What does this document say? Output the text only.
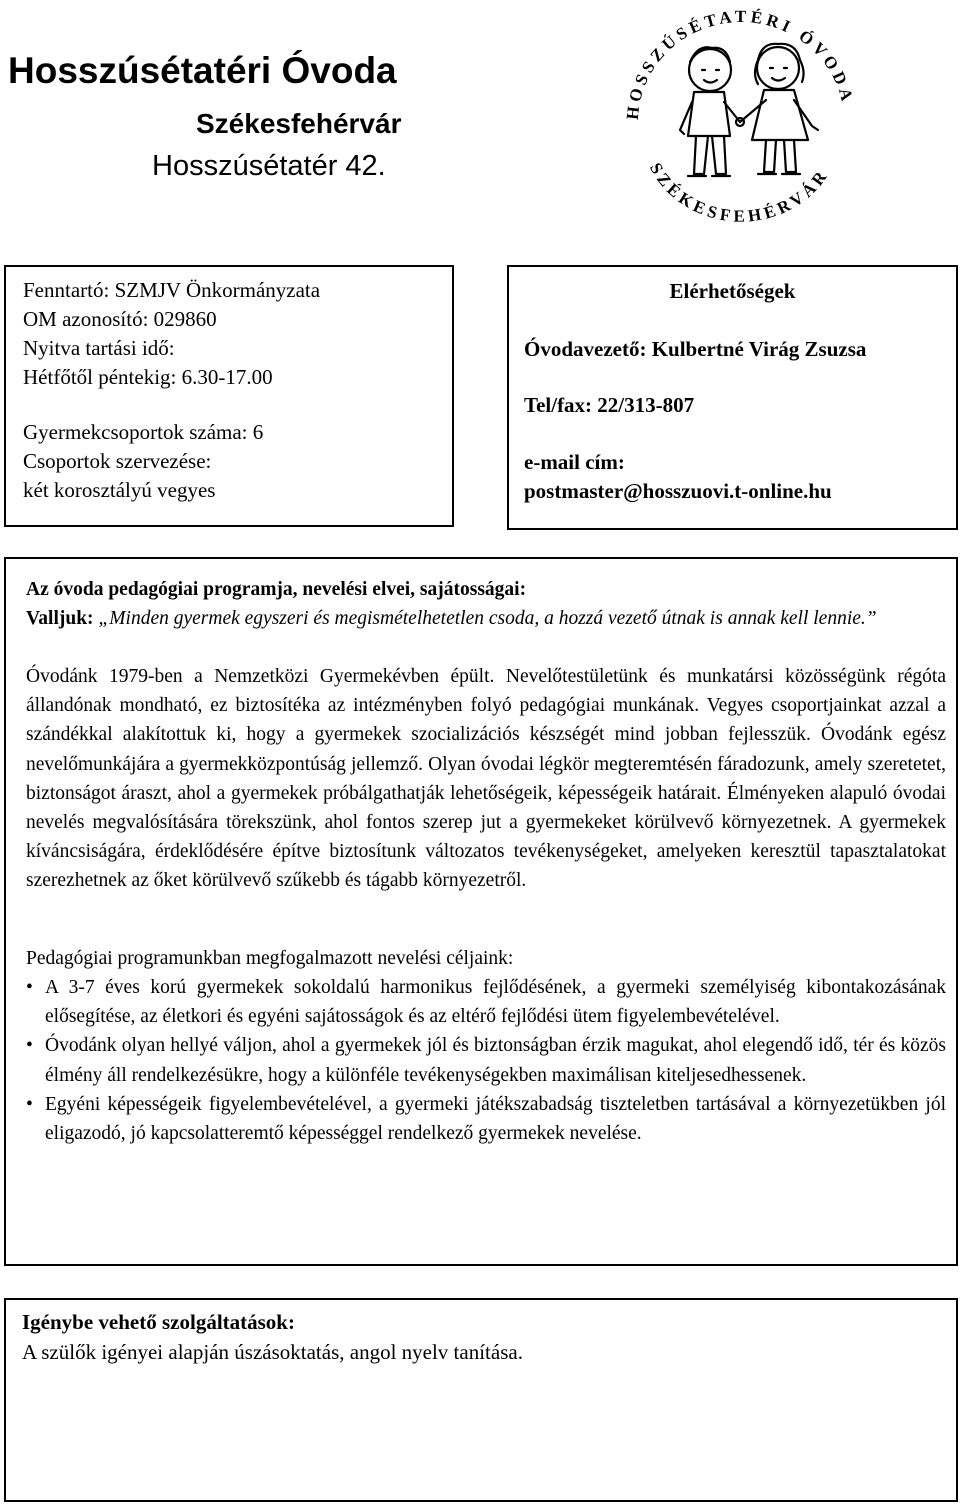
Hosszúsétatéri Óvoda
Székesfehérvár
Hosszúsétatér 42.
HOSSZÚSÉTATÉRI ÓVODA
SZÉKESFEHÉRVÁR
Fenntartó: SZMJV Önkormányzata
OM azonosító: 029860
Nyitva tartási idő:
Hétfőtől péntekig: 6.30-17.00
Gyermekcsoportok száma: 6
Csoportok szervezése:
két korosztályú vegyes
Elérhetőségek
Óvodavezető: Kulbertné Virág Zsuzsa
Tel/fax: 22/313-807
e-mail cím:
postmaster@hosszuovi.t-online.hu

Az óvoda pedagógiai programja, nevelési elvei, sajátosságai:

Valljuk: „Minden gyermek egyszeri és megismételhetetlen csoda, a hozzá vezető útnak is annak kell lennie.”

Óvodánk 1979-ben a Nemzetközi Gyermekévben épült. Nevelőtestületünk és munkatársi közösségünk régóta állandónak mondható, ez biztosítéka az intézményben folyó pedagógiai munkának. Vegyes csoportjainkat azzal a szándékkal alakítottuk ki, hogy a gyermekek szocializációs készségét mind jobban fejlesszük. Óvodánk egész nevelőmunkájára a gyermekközpontúság jellemző. Olyan óvodai légkör megteremtésén fáradozunk, amely szeretetet, biztonságot áraszt, ahol a gyermekek próbálgathatják lehetőségeik, képességeik határait. Élményeken alapuló óvodai nevelés megvalósítására törekszünk, ahol fontos szerep jut a gyermekeket körülvevő környezetnek. A gyermekek kíváncsiságára, érdeklődésére építve biztosítunk változatos tevékenységeket, amelyeken keresztül tapasztalatokat szerezhetnek az őket körülvevő szűkebb és tágabb környezetről.

Pedagógiai programunkban megfogalmazott nevelési céljaink:

• A 3-7 éves korú gyermekek sokoldalú harmonikus fejlődésének, a gyermeki személyiség kibontakozásának elősegítése, az életkori és egyéni sajátosságok és az eltérő fejlődési ütem figyelembevételével.
• Óvodánk olyan hellyé váljon, ahol a gyermekek jól és biztonságban érzik magukat, ahol elegendő idő, tér és közös élmény áll rendelkezésükre, hogy a különféle tevékenységekben maximálisan kiteljesedhessenek.
• Egyéni képességeik figyelembevételével, a gyermeki játékszabadság tiszteletben tartásával a környezetükben jól eligazodó, jó kapcsolatteremtő képességgel rendelkező gyermekek nevelése.
Igénybe vehető szolgáltatások:
A szülők igényei alapján úszásoktatás, angol nyelv tanítása.
